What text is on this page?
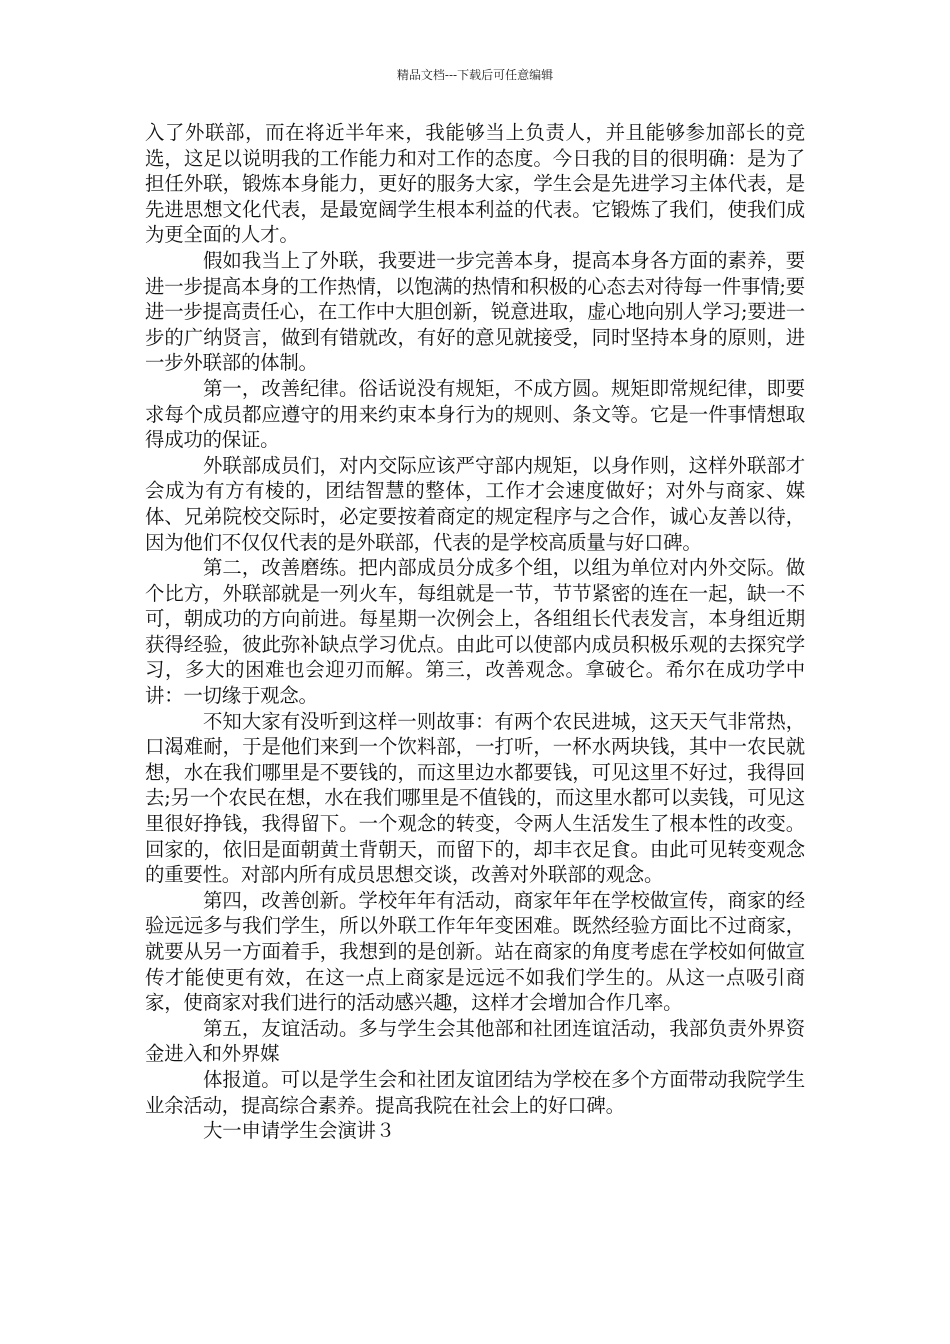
精品文档---下载后可任意编辑

入了外联部，而在将近半年来，我能够当上负责人，并且能够参加部长的竞选，这足以说明我的工作能力和对工作的态度。今日我的目的很明确：是为了担任外联，锻炼本身能力，更好的服务大家，学生会是先进学习主体代表，是先进思想文化代表，是最宽阔学生根本利益的代表。它锻炼了我们，使我们成为更全面的人才。

假如我当上了外联，我要进一步完善本身，提高本身各方面的素养，要进一步提高本身的工作热情，以饱满的热情和积极的心态去对待每一件事情;要进一步提高责任心，在工作中大胆创新，锐意进取，虚心地向别人学习;要进一步的广纳贤言，做到有错就改，有好的意见就接受，同时坚持本身的原则，进一步外联部的体制。

第一，改善纪律。俗话说没有规矩，不成方圆。规矩即常规纪律，即要求每个成员都应遵守的用来约束本身行为的规则、条文等。它是一件事情想取得成功的保证。

外联部成员们，对内交际应该严守部内规矩，以身作则，这样外联部才会成为有方有棱的，团结智慧的整体，工作才会速度做好；对外与商家、媒体、兄弟院校交际时，必定要按着商定的规定程序与之合作，诚心友善以待，因为他们不仅仅代表的是外联部，代表的是学校高质量与好口碑。

第二，改善磨练。把内部成员分成多个组，以组为单位对内外交际。做个比方，外联部就是一列火车，每组就是一节，节节紧密的连在一起，缺一不可，朝成功的方向前进。每星期一次例会上，各组组长代表发言，本身组近期获得经验，彼此弥补缺点学习优点。由此可以使部内成员积极乐观的去探究学习，多大的困难也会迎刃而解。第三，改善观念。拿破仑。希尔在成功学中讲：一切缘于观念。

不知大家有没听到这样一则故事：有两个农民进城，这天天气非常热，口渴难耐，于是他们来到一个饮料部，一打听，一杯水两块钱，其中一农民就想，水在我们哪里是不要钱的，而这里边水都要钱，可见这里不好过，我得回去;另一个农民在想，水在我们哪里是不值钱的，而这里水都可以卖钱，可见这里很好挣钱，我得留下。一个观念的转变，令两人生活发生了根本性的改变。回家的，依旧是面朝黄土背朝天，而留下的，却丰衣足食。由此可见转变观念的重要性。对部内所有成员思想交谈，改善对外联部的观念。

第四，改善创新。学校年年有活动，商家年年在学校做宣传，商家的经验远远多与我们学生，所以外联工作年年变困难。既然经验方面比不过商家，就要从另一方面着手，我想到的是创新。站在商家的角度考虑在学校如何做宣传才能使更有效，在这一点上商家是远远不如我们学生的。从这一点吸引商家，使商家对我们进行的活动感兴趣，这样才会增加合作几率。

第五，友谊活动。多与学生会其他部和社团连谊活动，我部负责外界资金进入和外界媒

体报道。可以是学生会和社团友谊团结为学校在多个方面带动我院学生业余活动，提高综合素养。提高我院在社会上的好口碑。

大一申请学生会演讲３
